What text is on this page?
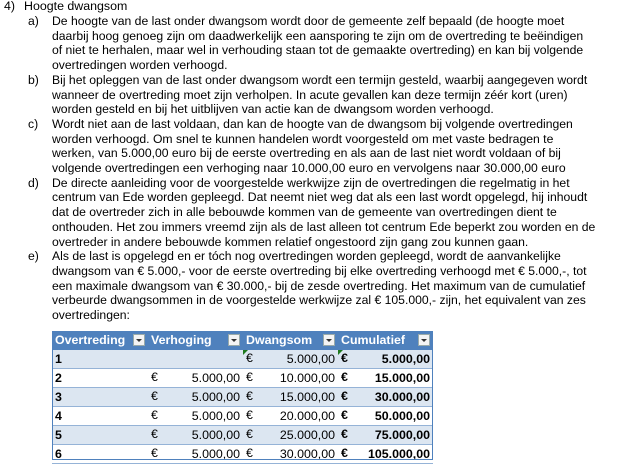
4) Hoogte dwangsom
a) De hoogte van de last onder dwangsom wordt door de gemeente zelf bepaald (de hoogte moet

daarbij hoog genoeg zijn om daadwerkelijk een aansporing te zijn om de overtreding te beëindigen

of niet te herhalen, maar wel in verhouding staan tot de gemaakte overtreding) en kan bij volgende

overtredingen worden verhoogd.

b) Bij het opleggen van de last onder dwangsom wordt een termijn gesteld, waarbij aangegeven wordt

wanneer de overtreding moet zijn verholpen. In acute gevallen kan deze termijn zéér kort (uren)

worden gesteld en bij het uitblijven van actie kan de dwangsom worden verhoogd.

c) Wordt niet aan de last voldaan, dan kan de hoogte van de dwangsom bij volgende overtredingen

worden verhoogd. Om snel te kunnen handelen wordt voorgesteld om met vaste bedragen te

werken, van 5.000,00 euro bij de eerste overtreding en als aan de last niet wordt voldaan of bij

volgende overtredingen een verhoging naar 10.000,00 euro en vervolgens naar 30.000,00 euro

d) De directe aanleiding voor de voorgestelde werkwijze zijn de overtredingen die regelmatig in het

centrum van Ede worden gepleegd. Dat neemt niet weg dat als een last wordt opgelegd, hij inhoudt

dat de overtreder zich in alle bebouwde kommen van de gemeente van overtredingen dient te

onthouden. Het zou immers vreemd zijn als de last alleen tot centrum Ede beperkt zou worden en de

overtreder in andere bebouwde kommen relatief ongestoord zijn gang zou kunnen gaan.

e) Als de last is opgelegd en er tóch nog overtredingen worden gepleegd, wordt de aanvankelijke

dwangsom van € 5.000,- voor de eerste overtreding bij elke overtreding verhoogd met € 5.000,-, tot

een maximale dwangsom van € 30.000,- bij de zesde overtreding. Het maximum van de cumulatief

verbeurde dwangsommen in de voorgestelde werkwijze zal € 105.000,- zijn, het equivalent van zes

overtredingen:

Overtreding	Verhoging	Dwangsom	Cumulatief

1		€ 5.000,00	€ 5.000,00
2	€ 5.000,00	€ 10.000,00	€ 15.000,00
3	€ 5.000,00	€ 15.000,00	€ 30.000,00
4	€ 5.000,00	€ 20.000,00	€ 50.000,00
5	€ 5.000,00	€ 25.000,00	€ 75.000,00
6	€ 5.000,00	€ 30.000,00	€ 105.000,00
